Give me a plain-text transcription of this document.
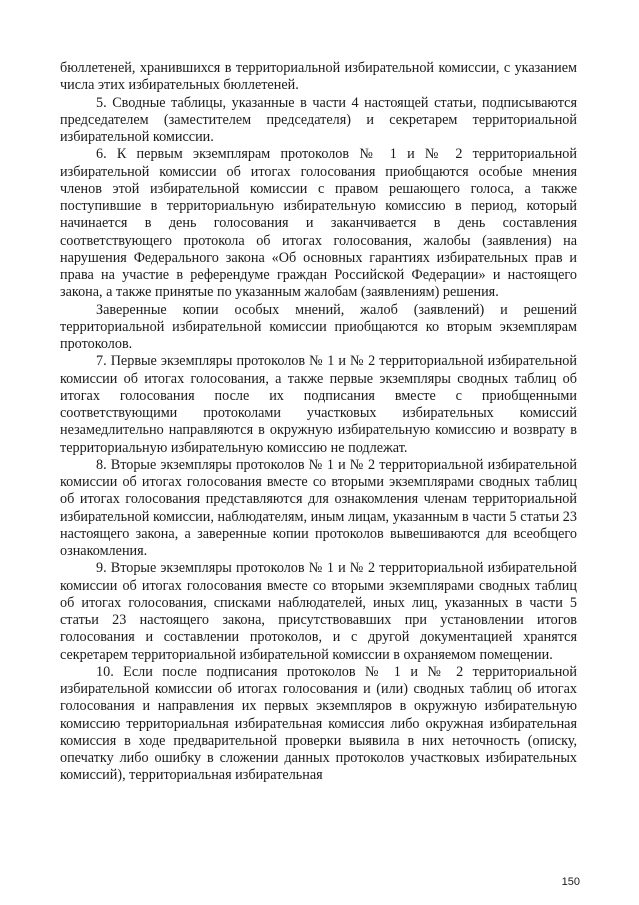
бюллетеней, хранившихся в территориальной избирательной комиссии, с указанием числа этих избирательных бюллетеней.

5. Сводные таблицы, указанные в части 4 настоящей статьи, подписываются председателем (заместителем председателя) и секретарем территориальной избирательной комиссии.

6. К первым экземплярам протоколов № 1 и № 2 территориальной избирательной комиссии об итогах голосования приобщаются особые мнения членов этой избирательной комиссии с правом решающего голоса, а также поступившие в территориальную избирательную комиссию в период, который начинается в день голосования и заканчивается в день составления соответствующего протокола об итогах голосования, жалобы (заявления) на нарушения Федерального закона «Об основных гарантиях избирательных прав и права на участие в референдуме граждан Российской Федерации» и настоящего закона, а также принятые по указанным жалобам (заявлениям) решения.

Заверенные копии особых мнений, жалоб (заявлений) и решений территориальной избирательной комиссии приобщаются ко вторым экземплярам протоколов.

7. Первые экземпляры протоколов № 1 и № 2 территориальной избирательной комиссии об итогах голосования, а также первые экземпляры сводных таблиц об итогах голосования после их подписания вместе с приобщенными соответствующими протоколами участковых избирательных комиссий незамедлительно направляются в окружную избирательную комиссию и возврату в территориальную избирательную комиссию не подлежат.

8. Вторые экземпляры протоколов № 1 и № 2 территориальной избирательной комиссии об итогах голосования вместе со вторыми экземплярами сводных таблиц об итогах голосования представляются для ознакомления членам территориальной избирательной комиссии, наблюдателям, иным лицам, указанным в части 5 статьи 23 настоящего закона, а заверенные копии протоколов вывешиваются для всеобщего ознакомления.

9. Вторые экземпляры протоколов № 1 и № 2 территориальной избирательной комиссии об итогах голосования вместе со вторыми экземплярами сводных таблиц об итогах голосования, списками наблюдателей, иных лиц, указанных в части 5 статьи 23 настоящего закона, присутствовавших при установлении итогов голосования и составлении протоколов, и с другой документацией хранятся секретарем территориальной избирательной комиссии в охраняемом помещении.

10. Если после подписания протоколов № 1 и № 2 территориальной избирательной комиссии об итогах голосования и (или) сводных таблиц об итогах голосования и направления их первых экземпляров в окружную избирательную комиссию территориальная избирательная комиссия либо окружная избирательная комиссия в ходе предварительной проверки выявила в них неточность (описку, опечатку либо ошибку в сложении данных протоколов участковых избирательных комиссий), территориальная избирательная

150
